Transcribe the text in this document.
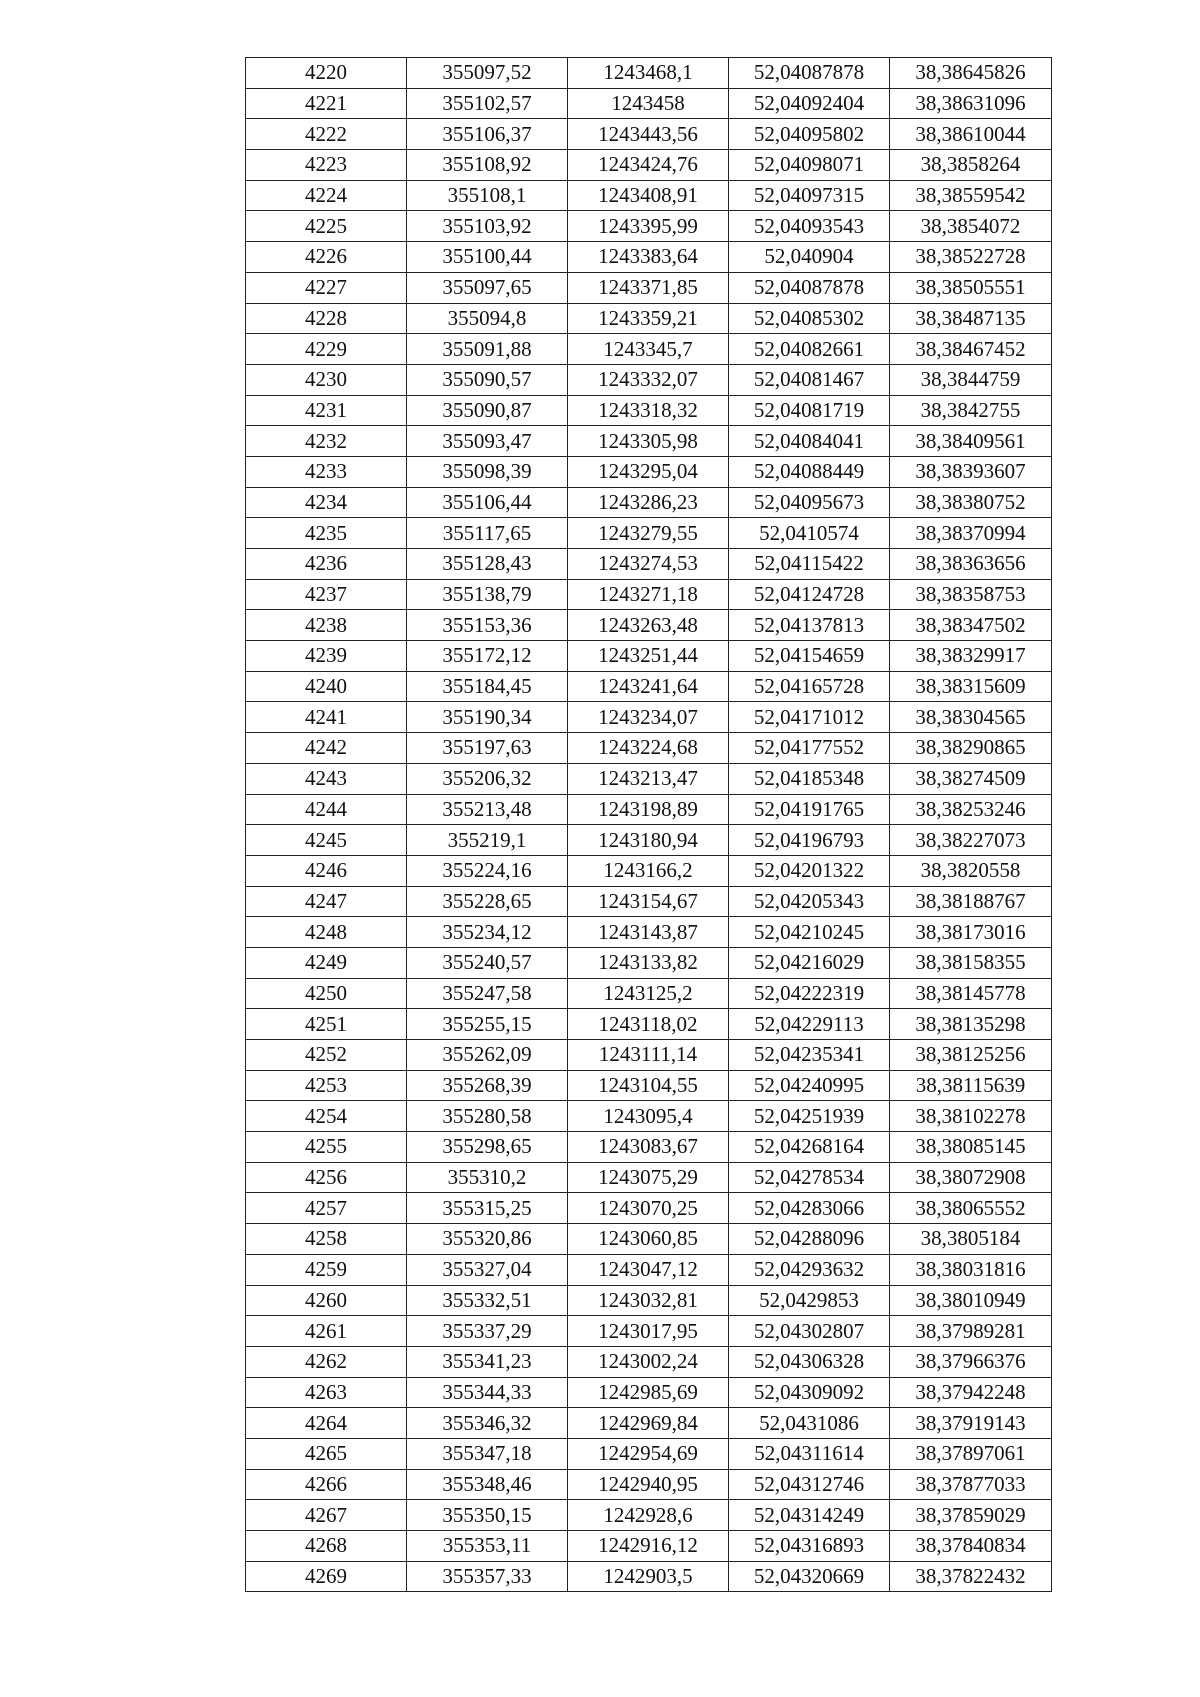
4220	355097,52	1243468,1	52,04087878	38,38645826
4221	355102,57	1243458	52,04092404	38,38631096
4222	355106,37	1243443,56	52,04095802	38,38610044
4223	355108,92	1243424,76	52,04098071	38,3858264
4224	355108,1	1243408,91	52,04097315	38,38559542
4225	355103,92	1243395,99	52,04093543	38,3854072
4226	355100,44	1243383,64	52,040904	38,38522728
4227	355097,65	1243371,85	52,04087878	38,38505551
4228	355094,8	1243359,21	52,04085302	38,38487135
4229	355091,88	1243345,7	52,04082661	38,38467452
4230	355090,57	1243332,07	52,04081467	38,3844759
4231	355090,87	1243318,32	52,04081719	38,3842755
4232	355093,47	1243305,98	52,04084041	38,38409561
4233	355098,39	1243295,04	52,04088449	38,38393607
4234	355106,44	1243286,23	52,04095673	38,38380752
4235	355117,65	1243279,55	52,0410574	38,38370994
4236	355128,43	1243274,53	52,04115422	38,38363656
4237	355138,79	1243271,18	52,04124728	38,38358753
4238	355153,36	1243263,48	52,04137813	38,38347502
4239	355172,12	1243251,44	52,04154659	38,38329917
4240	355184,45	1243241,64	52,04165728	38,38315609
4241	355190,34	1243234,07	52,04171012	38,38304565
4242	355197,63	1243224,68	52,04177552	38,38290865
4243	355206,32	1243213,47	52,04185348	38,38274509
4244	355213,48	1243198,89	52,04191765	38,38253246
4245	355219,1	1243180,94	52,04196793	38,38227073
4246	355224,16	1243166,2	52,04201322	38,3820558
4247	355228,65	1243154,67	52,04205343	38,38188767
4248	355234,12	1243143,87	52,04210245	38,38173016
4249	355240,57	1243133,82	52,04216029	38,38158355
4250	355247,58	1243125,2	52,04222319	38,38145778
4251	355255,15	1243118,02	52,04229113	38,38135298
4252	355262,09	1243111,14	52,04235341	38,38125256
4253	355268,39	1243104,55	52,04240995	38,38115639
4254	355280,58	1243095,4	52,04251939	38,38102278
4255	355298,65	1243083,67	52,04268164	38,38085145
4256	355310,2	1243075,29	52,04278534	38,38072908
4257	355315,25	1243070,25	52,04283066	38,38065552
4258	355320,86	1243060,85	52,04288096	38,3805184
4259	355327,04	1243047,12	52,04293632	38,38031816
4260	355332,51	1243032,81	52,0429853	38,38010949
4261	355337,29	1243017,95	52,04302807	38,37989281
4262	355341,23	1243002,24	52,04306328	38,37966376
4263	355344,33	1242985,69	52,04309092	38,37942248
4264	355346,32	1242969,84	52,0431086	38,37919143
4265	355347,18	1242954,69	52,04311614	38,37897061
4266	355348,46	1242940,95	52,04312746	38,37877033
4267	355350,15	1242928,6	52,04314249	38,37859029
4268	355353,11	1242916,12	52,04316893	38,37840834
4269	355357,33	1242903,5	52,04320669	38,37822432
